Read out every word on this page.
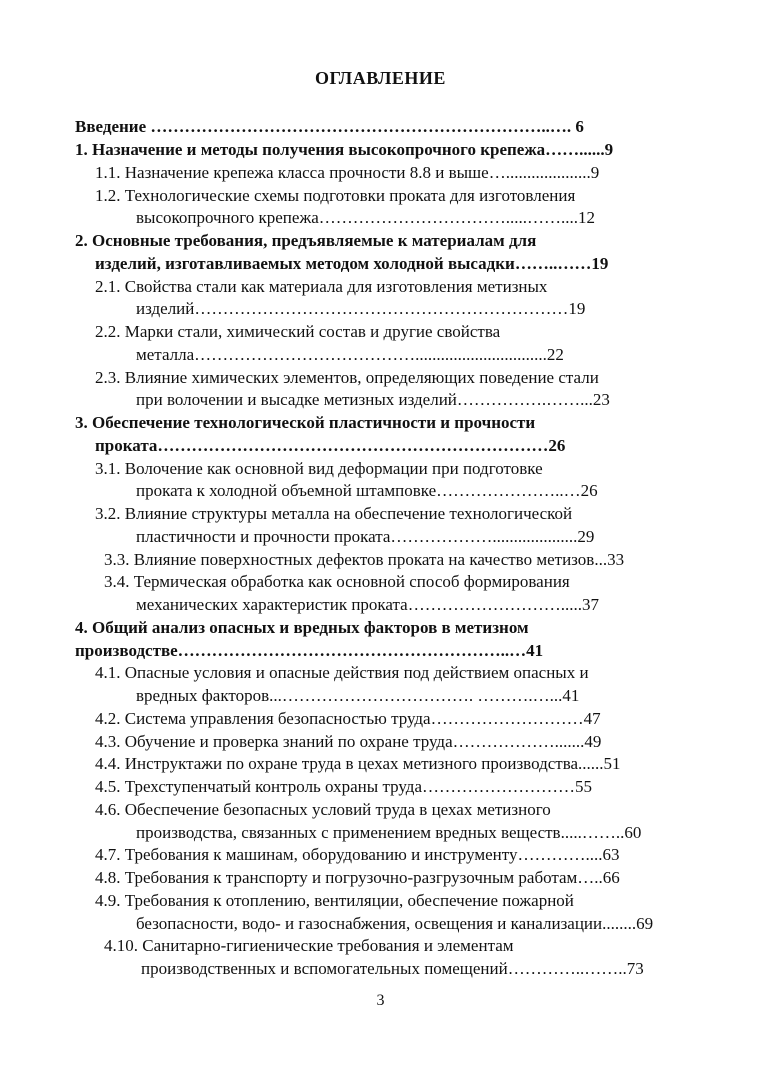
ОГЛАВЛЕНИЕ
Введение ……………………………………………………………..…. 6
1. Назначение и методы получения высокопрочного крепежа……......9
1.1. Назначение крепежа класса прочности 8.8 и выше…....................9
1.2. Технологические схемы подготовки проката для изготовления
высокопрочного крепежа…………………………….....……....12
2. Основные требования, предъявляемые к материалам для
изделий, изготавливаемых методом холодной высадки……..……19
2.1. Свойства стали как материала для изготовления метизных
изделий…………………………………………………………19
2.2. Марки стали, химический состав и другие свойства
металла…………………………………...............................22
2.3. Влияние химических элементов, определяющих поведение стали
при волочении и высадке метизных изделий…………….……...23
3. Обеспечение технологической пластичности и прочности
проката……………………………………………………………26
3.1. Волочение как основной вид деформации при подготовке
проката к холодной объемной штамповке…………………..…26
3.2. Влияние структуры металла на обеспечение технологической
пластичности и прочности проката………………....................29
3.3. Влияние поверхностных дефектов проката на качество метизов...33
3.4. Термическая обработка как основной способ формирования
механических характеристик проката……………………….....37
4. Общий анализ опасных и вредных факторов в метизном
производстве…………………………………………………..…41
4.1. Опасные условия и опасные действия под действием опасных и
вредных факторов...……………………………. ……….…...41
4.2. Система управления безопасностью труда………………………47
4.3. Обучение и проверка знаний по охране труда……………….......49
4.4. Инструктажи по охране труда в цехах метизного производства......51
4.5. Трехступенчатый контроль охраны труда………………………55
4.6. Обеспечение безопасных условий труда в цехах метизного
производства, связанных с применением вредных веществ.....……..60
4.7. Требования к машинам, оборудованию и инструменту…………....63
4.8. Требования к транспорту и погрузочно-разгрузочным работам…..66
4.9. Требования к отоплению, вентиляции, обеспечение пожарной
безопасности, водо- и газоснабжения, освещения и канализации........69
4.10. Санитарно-гигиенические требования и элементам
производственных и вспомогательных помещений…………..……..73
3
